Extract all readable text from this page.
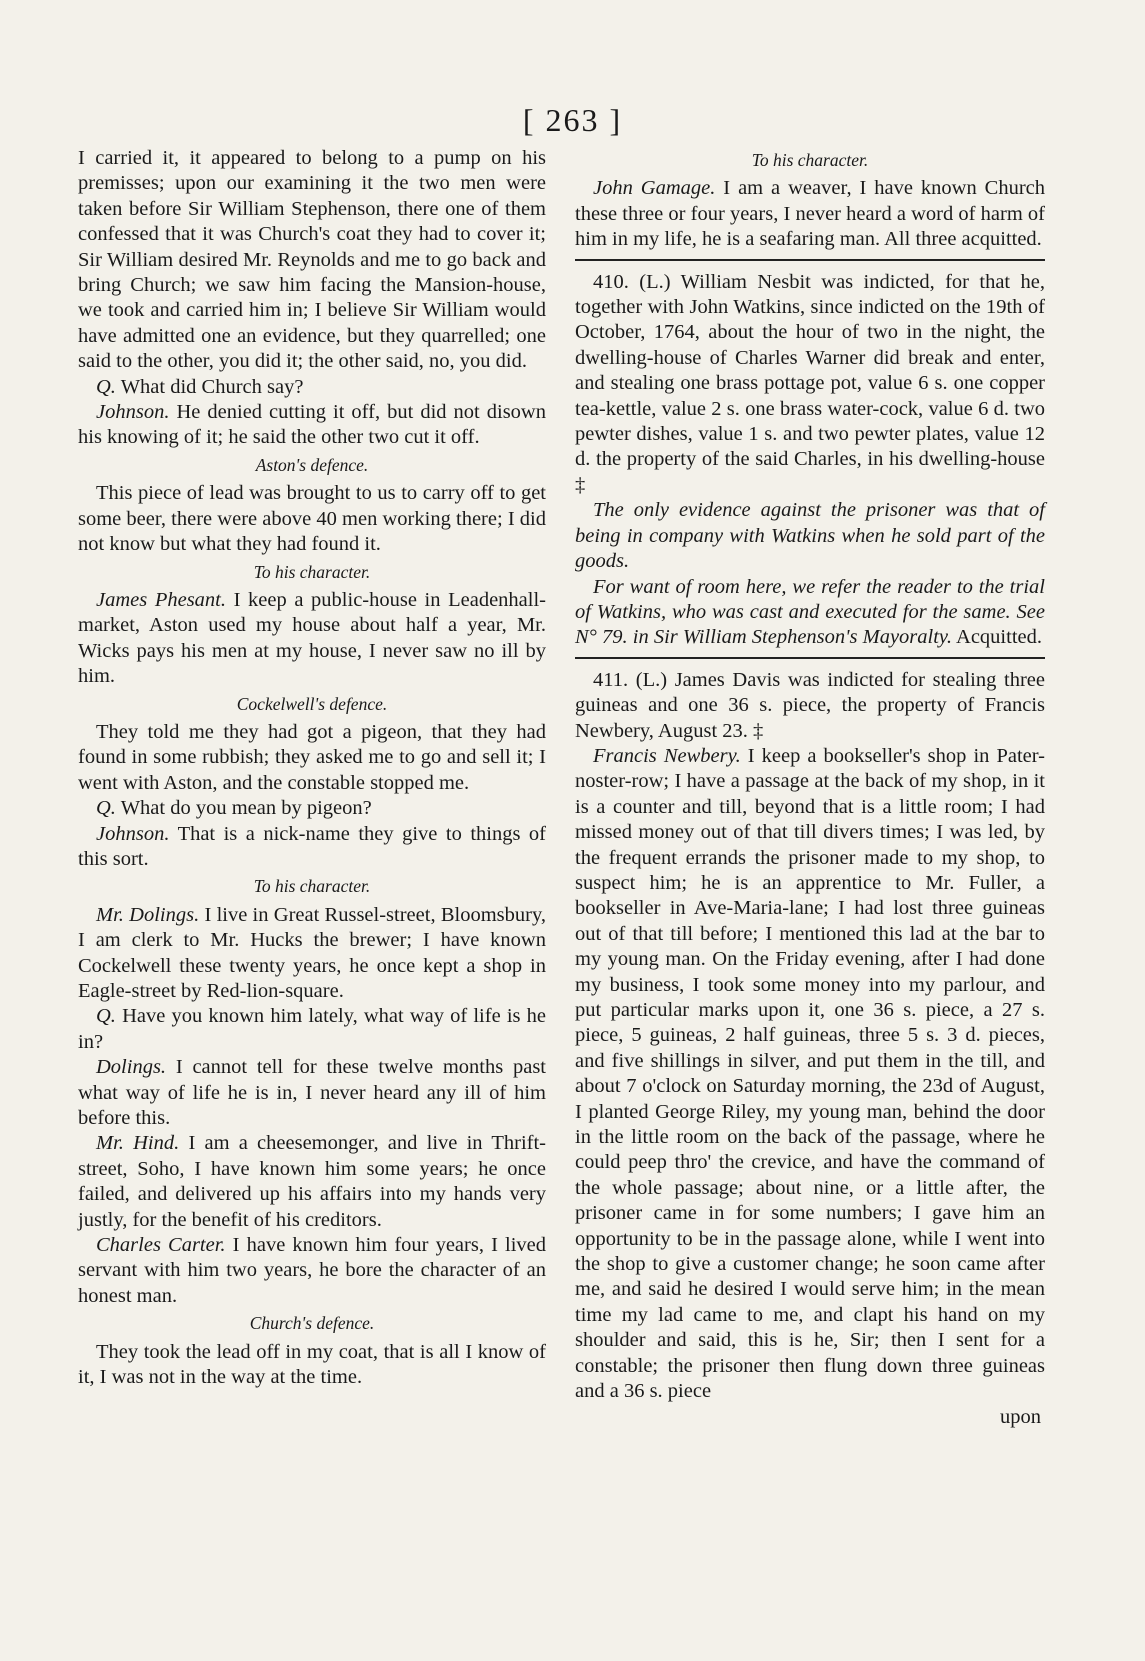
[ 263 ]

I carried it, it appeared to belong to a pump on his premisses; upon our examining it the two men were taken before Sir William Stephenson, there one of them confessed that it was Church's coat they had to cover it; Sir William desired Mr. Reynolds and me to go back and bring Church; we saw him facing the Mansion-house, we took and carried him in; I believe Sir William would have admitted one an evidence, but they quarrelled; one said to the other, you did it; the other said, no, you did.

Q. What did Church say?

Johnson. He denied cutting it off, but did not disown his knowing of it; he said the other two cut it off.

Aston's defence.

This piece of lead was brought to us to carry off to get some beer, there were above 40 men working there; I did not know but what they had found it.

To his character.

James Phesant. I keep a public-house in Leadenhall-market, Aston used my house about half a year, Mr. Wicks pays his men at my house, I never saw no ill by him.

Cockelwell's defence.

They told me they had got a pigeon, that they had found in some rubbish; they asked me to go and sell it; I went with Aston, and the constable stopped me.

Q. What do you mean by pigeon?

Johnson. That is a nick-name they give to things of this sort.

To his character.

Mr. Dolings. I live in Great Russel-street, Bloomsbury, I am clerk to Mr. Hucks the brewer; I have known Cockelwell these twenty years, he once kept a shop in Eagle-street by Red-lion-square.

Q. Have you known him lately, what way of life is he in?

Dolings. I cannot tell for these twelve months past what way of life he is in, I never heard any ill of him before this.

Mr. Hind. I am a cheesemonger, and live in Thrift-street, Soho, I have known him some years; he once failed, and delivered up his affairs into my hands very justly, for the benefit of his creditors.

Charles Carter. I have known him four years, I lived servant with him two years, he bore the character of an honest man.

Church's defence.

They took the lead off in my coat, that is all I know of it, I was not in the way at the time.

To his character.

John Gamage. I am a weaver, I have known Church these three or four years, I never heard a word of harm of him in my life, he is a seafaring man. All three acquitted.

410. (L.) William Nesbit was indicted, for that he, together with John Watkins, since indicted on the 19th of October, 1764, about the hour of two in the night, the dwelling-house of Charles Warner did break and enter, and stealing one brass pottage pot, value 6 s. one copper tea-kettle, value 2 s. one brass water-cock, value 6 d. two pewter dishes, value 1 s. and two pewter plates, value 12 d. the property of the said Charles, in his dwelling-house ‡

The only evidence against the prisoner was that of being in company with Watkins when he sold part of the goods.

For want of room here, we refer the reader to the trial of Watkins, who was cast and executed for the same. See N° 79. in Sir William Stephenson's Mayoralty. Acquitted.

411. (L.) James Davis was indicted for stealing three guineas and one 36 s. piece, the property of Francis Newbery, August 23. ‡

Francis Newbery. I keep a bookseller's shop in Pater-noster-row; I have a passage at the back of my shop, in it is a counter and till, beyond that is a little room; I had missed money out of that till divers times; I was led, by the frequent errands the prisoner made to my shop, to suspect him; he is an apprentice to Mr. Fuller, a bookseller in Ave-Maria-lane; I had lost three guineas out of that till before; I mentioned this lad at the bar to my young man. On the Friday evening, after I had done my business, I took some money into my parlour, and put particular marks upon it, one 36 s. piece, a 27 s. piece, 5 guineas, 2 half guineas, three 5 s. 3 d. pieces, and five shillings in silver, and put them in the till, and about 7 o'clock on Saturday morning, the 23d of August, I planted George Riley, my young man, behind the door in the little room on the back of the passage, where he could peep thro' the crevice, and have the command of the whole passage; about nine, or a little after, the prisoner came in for some numbers; I gave him an opportunity to be in the passage alone, while I went into the shop to give a customer change; he soon came after me, and said he desired I would serve him; in the mean time my lad came to me, and clapt his hand on my shoulder and said, this is he, Sir; then I sent for a constable; the prisoner then flung down three guineas and a 36 s. piece

upon
